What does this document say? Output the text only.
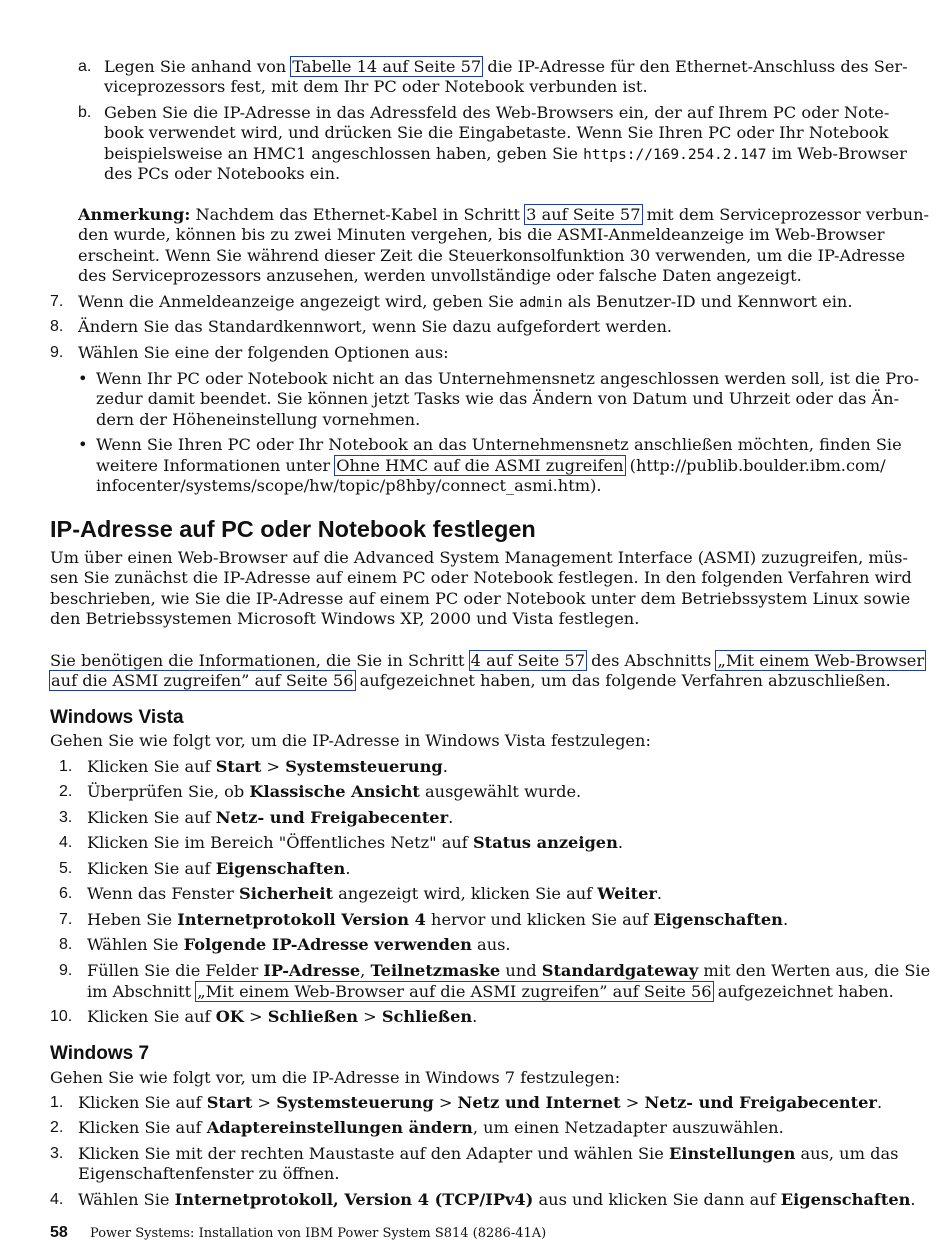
a. Legen Sie anhand von Tabelle 14 auf Seite 57 die IP-Adresse für den Ethernet-Anschluss des Ser-
viceprozessors fest, mit dem Ihr PC oder Notebook verbunden ist.
b. Geben Sie die IP-Adresse in das Adressfeld des Web-Browsers ein, der auf Ihrem PC oder Note-
book verwendet wird, und drücken Sie die Eingabetaste. Wenn Sie Ihren PC oder Ihr Notebook
beispielsweise an HMC1 angeschlossen haben, geben Sie https://169.254.2.147 im Web-Browser
des PCs oder Notebooks ein.
Anmerkung: Nachdem das Ethernet-Kabel in Schritt 3 auf Seite 57 mit dem Serviceprozessor verbun-
den wurde, können bis zu zwei Minuten vergehen, bis die ASMI-Anmeldeanzeige im Web-Browser
erscheint. Wenn Sie während dieser Zeit die Steuerkonsolfunktion 30 verwenden, um die IP-Adresse
des Serviceprozessors anzusehen, werden unvollständige oder falsche Daten angezeigt.
7. Wenn die Anmeldeanzeige angezeigt wird, geben Sie admin als Benutzer-ID und Kennwort ein.
8. Ändern Sie das Standardkennwort, wenn Sie dazu aufgefordert werden.
9. Wählen Sie eine der folgenden Optionen aus:
• Wenn Ihr PC oder Notebook nicht an das Unternehmensnetz angeschlossen werden soll, ist die Pro-
zedur damit beendet. Sie können jetzt Tasks wie das Ändern von Datum und Uhrzeit oder das Än-
dern der Höheneinstellung vornehmen.
• Wenn Sie Ihren PC oder Ihr Notebook an das Unternehmensnetz anschließen möchten, finden Sie
weitere Informationen unter Ohne HMC auf die ASMI zugreifen (http://publib.boulder.ibm.com/
infocenter/systems/scope/hw/topic/p8hby/connect_asmi.htm).
IP-Adresse auf PC oder Notebook festlegen
Um über einen Web-Browser auf die Advanced System Management Interface (ASMI) zuzugreifen, müs-
sen Sie zunächst die IP-Adresse auf einem PC oder Notebook festlegen. In den folgenden Verfahren wird
beschrieben, wie Sie die IP-Adresse auf einem PC oder Notebook unter dem Betriebssystem Linux sowie
den Betriebssystemen Microsoft Windows XP, 2000 und Vista festlegen.
Sie benötigen die Informationen, die Sie in Schritt 4 auf Seite 57 des Abschnitts „Mit einem Web-Browser
auf die ASMI zugreifen” auf Seite 56 aufgezeichnet haben, um das folgende Verfahren abzuschließen.
Windows Vista
Gehen Sie wie folgt vor, um die IP-Adresse in Windows Vista festzulegen:
1. Klicken Sie auf Start > Systemsteuerung.
2. Überprüfen Sie, ob Klassische Ansicht ausgewählt wurde.
3. Klicken Sie auf Netz- und Freigabecenter.
4. Klicken Sie im Bereich "Öffentliches Netz" auf Status anzeigen.
5. Klicken Sie auf Eigenschaften.
6. Wenn das Fenster Sicherheit angezeigt wird, klicken Sie auf Weiter.
7. Heben Sie Internetprotokoll Version 4 hervor und klicken Sie auf Eigenschaften.
8. Wählen Sie Folgende IP-Adresse verwenden aus.
9. Füllen Sie die Felder IP-Adresse, Teilnetzmaske und Standardgateway mit den Werten aus, die Sie
im Abschnitt „Mit einem Web-Browser auf die ASMI zugreifen” auf Seite 56 aufgezeichnet haben.
10. Klicken Sie auf OK > Schließen > Schließen.
Windows 7
Gehen Sie wie folgt vor, um die IP-Adresse in Windows 7 festzulegen:
1. Klicken Sie auf Start > Systemsteuerung > Netz und Internet > Netz- und Freigabecenter.
2. Klicken Sie auf Adaptereinstellungen ändern, um einen Netzadapter auszuwählen.
3. Klicken Sie mit der rechten Maustaste auf den Adapter und wählen Sie Einstellungen aus, um das
Eigenschaftenfenster zu öffnen.
4. Wählen Sie Internetprotokoll, Version 4 (TCP/IPv4) aus und klicken Sie dann auf Eigenschaften.
58 Power Systems: Installation von IBM Power System S814 (8286-41A)
